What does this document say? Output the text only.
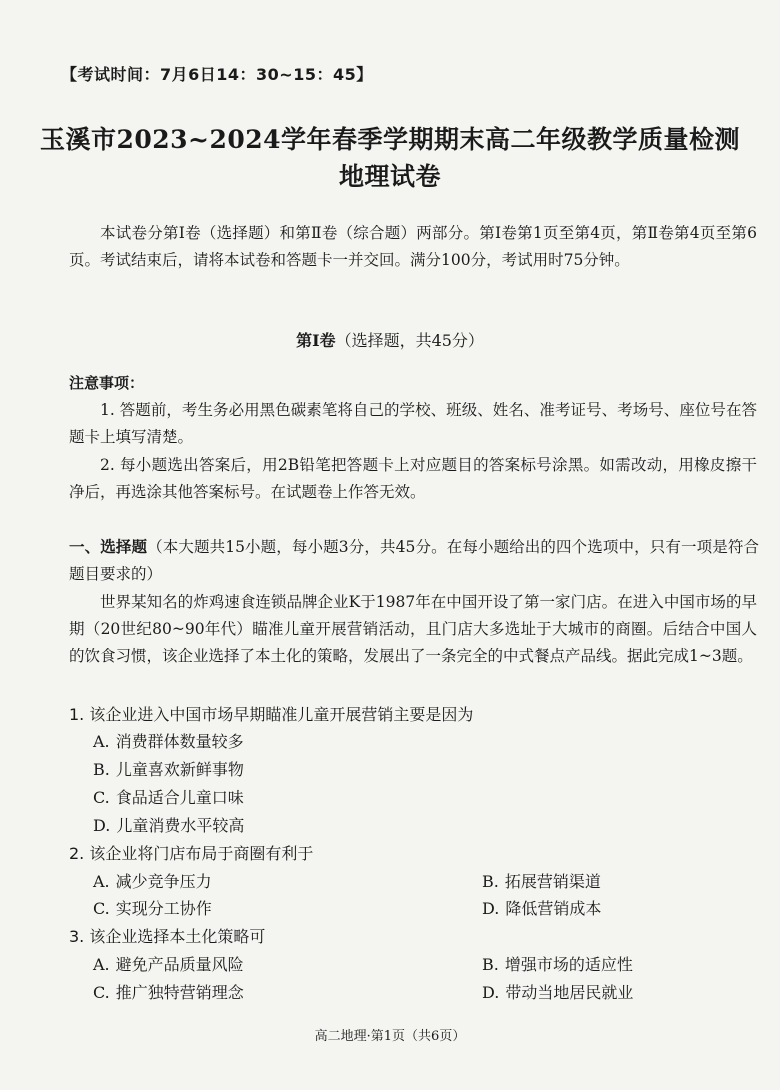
【考试时间：7月6日14：30~15：45】
玉溪市2023~2024学年春季学期期末高二年级教学质量检测
地理试卷
本试卷分第Ⅰ卷（选择题）和第Ⅱ卷（综合题）两部分。第Ⅰ卷第1页至第4页，第Ⅱ卷第4页至第6页。考试结束后，请将本试卷和答题卡一并交回。满分100分，考试用时75分钟。
第Ⅰ卷（选择题，共45分）
注意事项：
1. 答题前，考生务必用黑色碳素笔将自己的学校、班级、姓名、准考证号、考场号、座位号在答题卡上填写清楚。
2. 每小题选出答案后，用2B铅笔把答题卡上对应题目的答案标号涂黑。如需改动，用橡皮擦干净后，再选涂其他答案标号。在试题卷上作答无效。
一、选择题（本大题共15小题，每小题3分，共45分。在每小题给出的四个选项中，只有一项是符合题目要求的）
世界某知名的炸鸡速食连锁品牌企业K于1987年在中国开设了第一家门店。在进入中国市场的早期（20世纪80~90年代）瞄准儿童开展营销活动，且门店大多选址于大城市的商圈。后结合中国人的饮食习惯，该企业选择了本土化的策略，发展出了一条完全的中式餐点产品线。据此完成1~3题。
1. 该企业进入中国市场早期瞄准儿童开展营销主要是因为
A. 消费群体数量较多
B. 儿童喜欢新鲜事物
C. 食品适合儿童口味
D. 儿童消费水平较高
2. 该企业将门店布局于商圈有利于
A. 减少竞争压力	B. 拓展营销渠道
C. 实现分工协作	D. 降低营销成本
3. 该企业选择本土化策略可
A. 避免产品质量风险	B. 增强市场的适应性
C. 推广独特营销理念	D. 带动当地居民就业
高二地理·第1页（共6页）
